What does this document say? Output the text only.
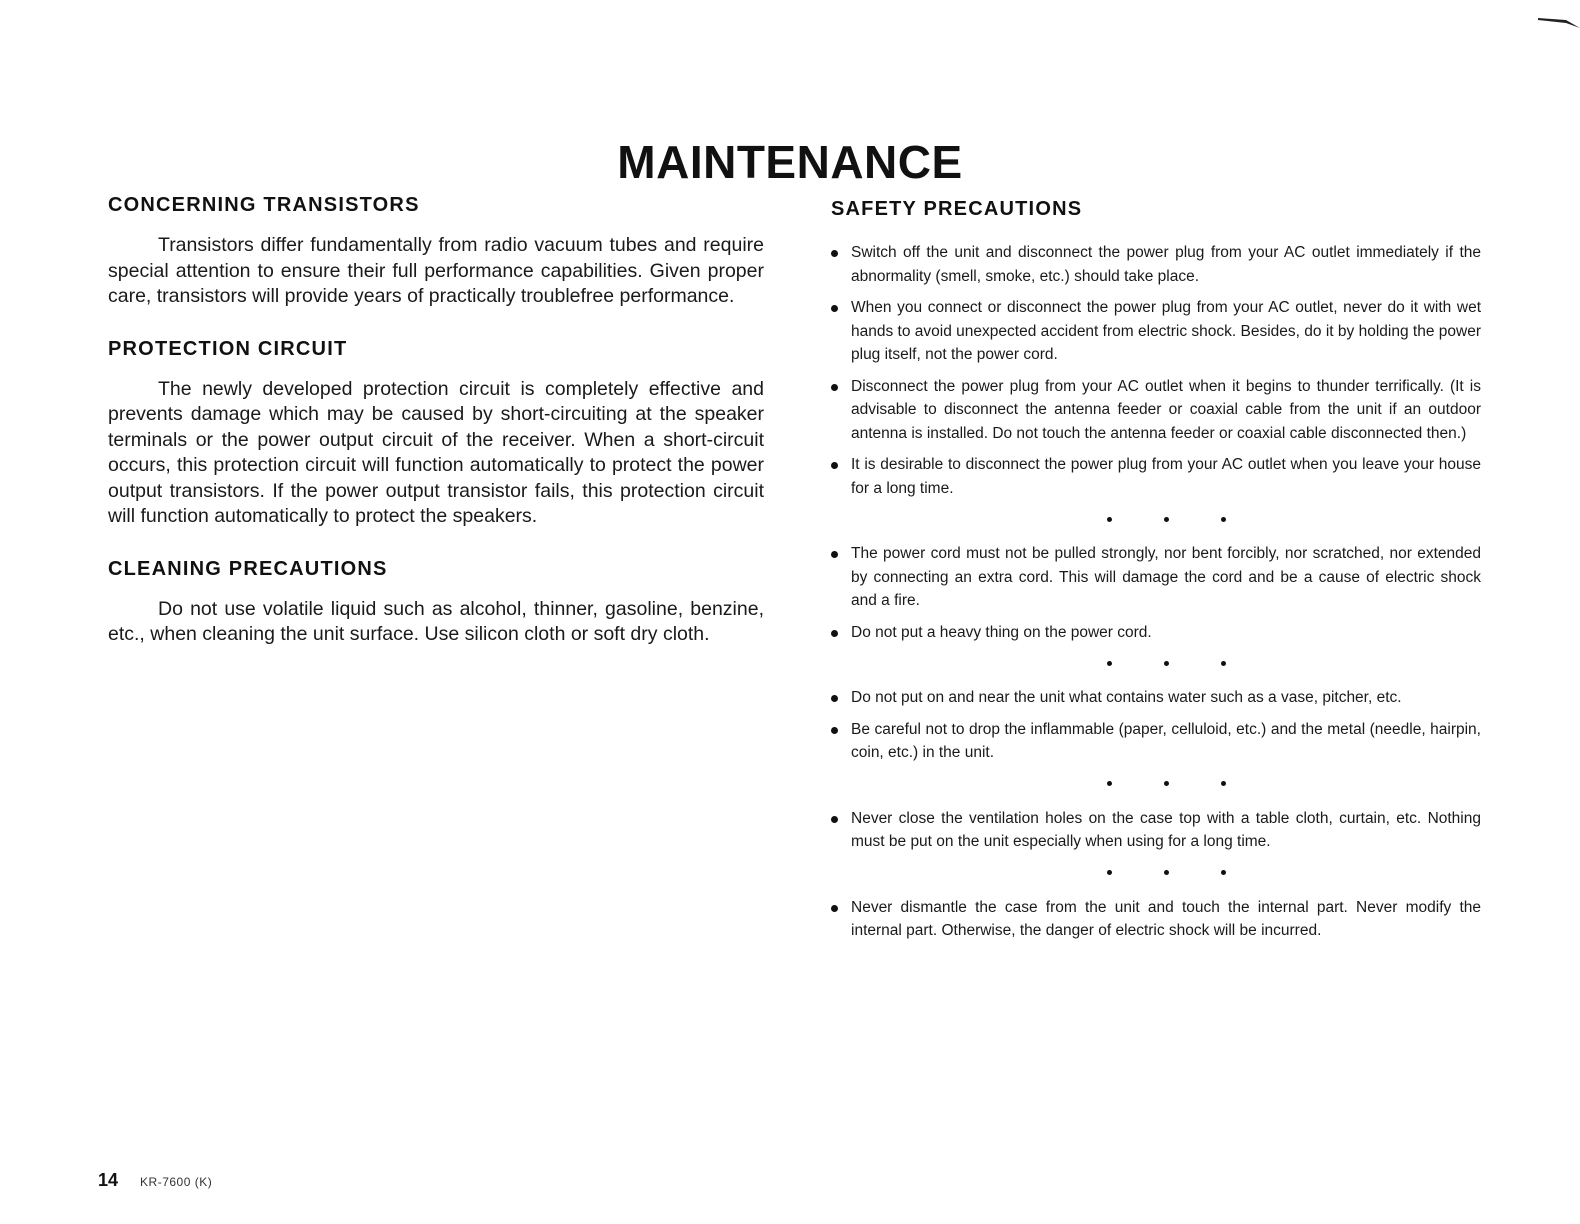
MAINTENANCE
CONCERNING TRANSISTORS

Transistors differ fundamentally from radio vacuum tubes and require special attention to ensure their full performance capabilities. Given proper care, transistors will provide years of practically troublefree performance.

PROTECTION CIRCUIT

The newly developed protection circuit is completely effective and prevents damage which may be caused by short-circuiting at the speaker terminals or the power output circuit of the receiver. When a short-circuit occurs, this protection circuit will function automatically to protect the power output transistors. If the power output transistor fails, this protection circuit will function automatically to protect the speakers.

CLEANING PRECAUTIONS

Do not use volatile liquid such as alcohol, thinner, gasoline, benzine, etc., when cleaning the unit surface. Use silicon cloth or soft dry cloth.

SAFETY PRECAUTIONS
Switch off the unit and disconnect the power plug from your AC outlet immediately if the abnormality (smell, smoke, etc.) should take place.
When you connect or disconnect the power plug from your AC outlet, never do it with wet hands to avoid unexpected accident from electric shock. Besides, do it by holding the power plug itself, not the power cord.
Disconnect the power plug from your AC outlet when it begins to thunder terrifically. (It is advisable to disconnect the antenna feeder or coaxial cable from the unit if an outdoor antenna is installed. Do not touch the antenna feeder or coaxial cable disconnected then.)
It is desirable to disconnect the power plug from your AC outlet when you leave your house for a long time.
The power cord must not be pulled strongly, nor bent forcibly, nor scratched, nor extended by connecting an extra cord. This will damage the cord and be a cause of electric shock and a fire.
Do not put a heavy thing on the power cord.
Do not put on and near the unit what contains water such as a vase, pitcher, etc.
Be careful not to drop the inflammable (paper, celluloid, etc.) and the metal (needle, hairpin, coin, etc.) in the unit.
Never close the ventilation holes on the case top with a table cloth, curtain, etc. Nothing must be put on the unit especially when using for a long time.
Never dismantle the case from the unit and touch the internal part. Never modify the internal part. Otherwise, the danger of electric shock will be incurred.
14 KR-7600 (K)
